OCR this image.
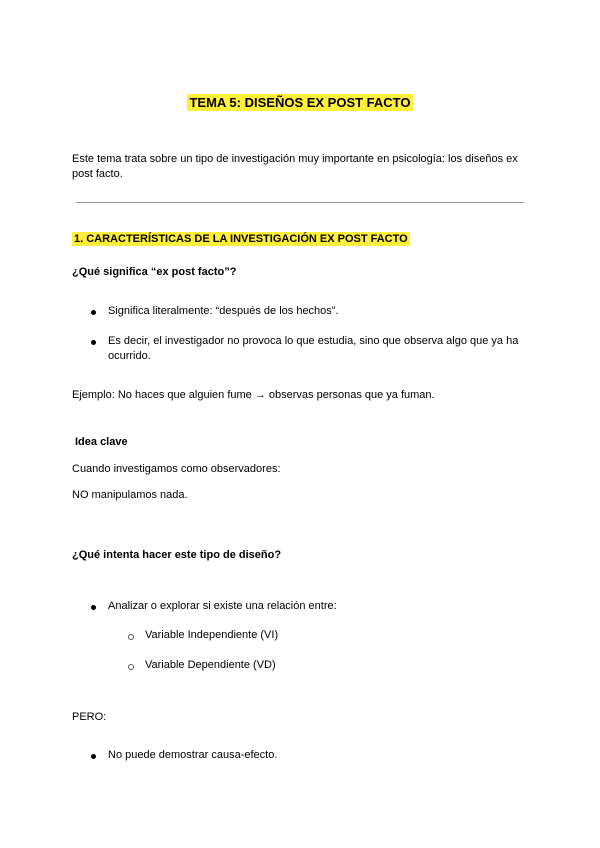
TEMA 5: DISEÑOS EX POST FACTO
Este tema trata sobre un tipo de investigación muy importante en psicología: los diseños ex
post facto.
1. CARACTERÍSTICAS DE LA INVESTIGACIÓN EX POST FACTO
¿Qué significa “ex post facto”?
Significa literalmente: “después de los hechos”.
Es decir, el investigador no provoca lo que estudia, sino que observa algo que ya ha
ocurrido.
Ejemplo: No haces que alguien fume → observas personas que ya fuman.
Idea clave
Cuando investigamos como observadores:
NO manipulamos nada.
¿Qué intenta hacer este tipo de diseño?
Analizar o explorar si existe una relación entre:
Variable Independiente (VI)
Variable Dependiente (VD)
PERO:
No puede demostrar causa-efecto.
